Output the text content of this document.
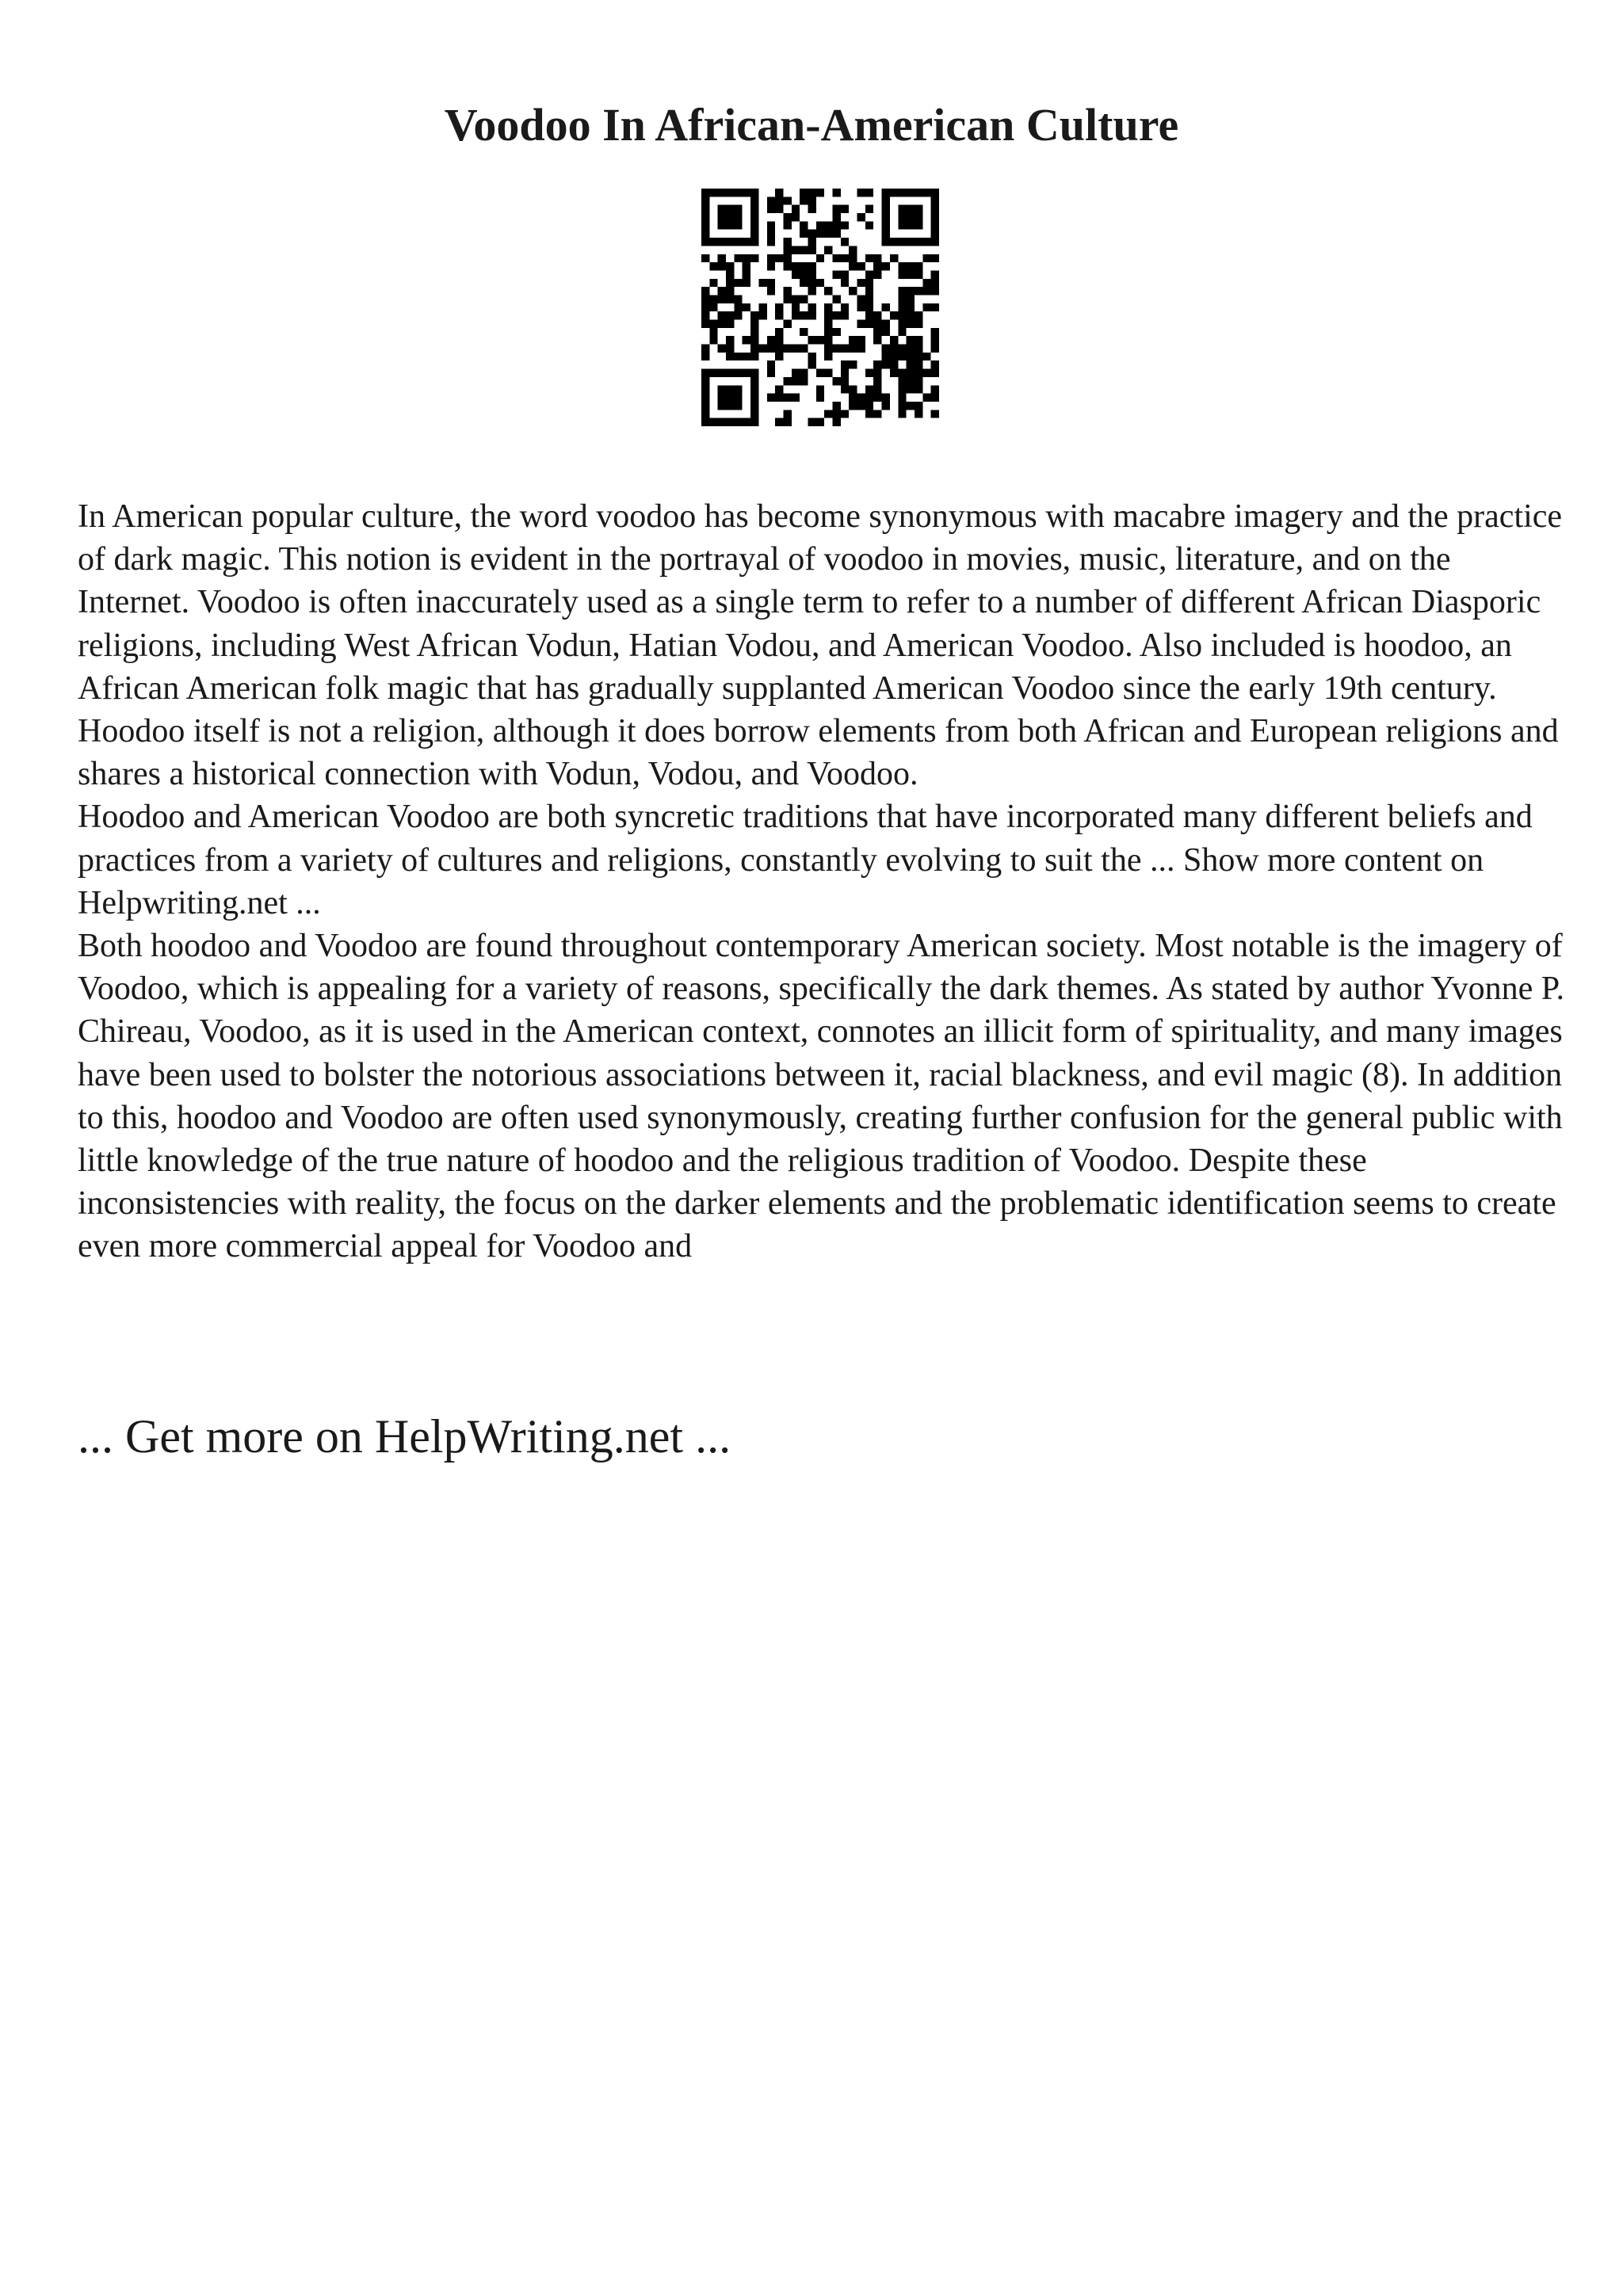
Voodoo In African-American Culture

In American popular culture, the word voodoo has become synonymous with macabre imagery and the practice of dark magic. This notion is evident in the portrayal of voodoo in movies, music, literature, and on the Internet. Voodoo is often inaccurately used as a single term to refer to a number of different African Diasporic religions, including West African Vodun, Hatian Vodou, and American Voodoo. Also included is hoodoo, an African American folk magic that has gradually supplanted American Voodoo since the early 19th century. Hoodoo itself is not a religion, although it does borrow elements from both African and European religions and shares a historical connection with Vodun, Vodou, and Voodoo.

Hoodoo and American Voodoo are both syncretic traditions that have incorporated many different beliefs and practices from a variety of cultures and religions, constantly evolving to suit the ... Show more content on Helpwriting.net ...

Both hoodoo and Voodoo are found throughout contemporary American society. Most notable is the imagery of Voodoo, which is appealing for a variety of reasons, specifically the dark themes. As stated by author Yvonne P. Chireau, Voodoo, as it is used in the American context, connotes an illicit form of spirituality, and many images have been used to bolster the notorious associations between it, racial blackness, and evil magic (8). In addition to this, hoodoo and Voodoo are often used synonymously, creating further confusion for the general public with little knowledge of the true nature of hoodoo and the religious tradition of Voodoo. Despite these inconsistencies with reality, the focus on the darker elements and the problematic identification seems to create even more commercial appeal for Voodoo and

... Get more on HelpWriting.net ...
